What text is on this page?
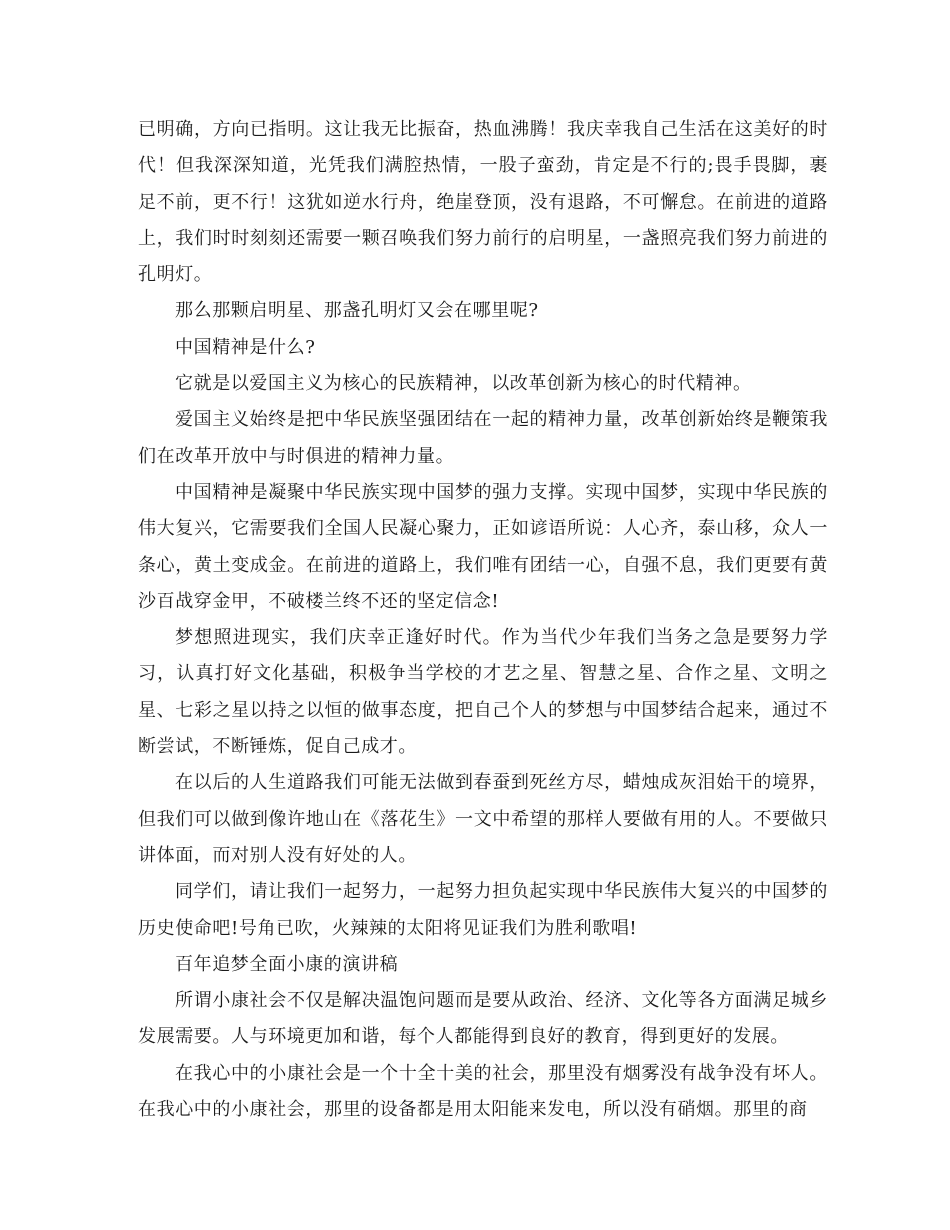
已明确，方向已指明。这让我无比振奋，热血沸腾！我庆幸我自己生活在这美好的时代！但我深深知道，光凭我们满腔热情，一股子蛮劲，肯定是不行的;畏手畏脚，裹足不前，更不行！这犹如逆水行舟，绝崖登顶，没有退路，不可懈怠。在前进的道路上，我们时时刻刻还需要一颗召唤我们努力前行的启明星，一盏照亮我们努力前进的孔明灯。

那么那颗启明星、那盏孔明灯又会在哪里呢?

中国精神是什么?

它就是以爱国主义为核心的民族精神，以改革创新为核心的时代精神。

爱国主义始终是把中华民族坚强团结在一起的精神力量，改革创新始终是鞭策我们在改革开放中与时俱进的精神力量。

中国精神是凝聚中华民族实现中国梦的强力支撑。实现中国梦，实现中华民族的伟大复兴，它需要我们全国人民凝心聚力，正如谚语所说：人心齐，泰山移，众人一条心，黄土变成金。在前进的道路上，我们唯有团结一心，自强不息，我们更要有黄沙百战穿金甲，不破楼兰终不还的坚定信念!

梦想照进现实，我们庆幸正逢好时代。作为当代少年我们当务之急是要努力学习，认真打好文化基础，积极争当学校的才艺之星、智慧之星、合作之星、文明之星、七彩之星以持之以恒的做事态度，把自己个人的梦想与中国梦结合起来，通过不断尝试，不断锤炼，促自己成才。

在以后的人生道路我们可能无法做到春蚕到死丝方尽，蜡烛成灰泪始干的境界，但我们可以做到像许地山在《落花生》一文中希望的那样人要做有用的人。不要做只讲体面，而对别人没有好处的人。

同学们，请让我们一起努力，一起努力担负起实现中华民族伟大复兴的中国梦的历史使命吧!号角已吹，火辣辣的太阳将见证我们为胜利歌唱!

百年追梦全面小康的演讲稿

所谓小康社会不仅是解决温饱问题而是要从政治、经济、文化等各方面满足城乡发展需要。人与环境更加和谐，每个人都能得到良好的教育，得到更好的发展。

在我心中的小康社会是一个十全十美的社会，那里没有烟雾没有战争没有坏人。在我心中的小康社会，那里的设备都是用太阳能来发电，所以没有硝烟。那里的商
